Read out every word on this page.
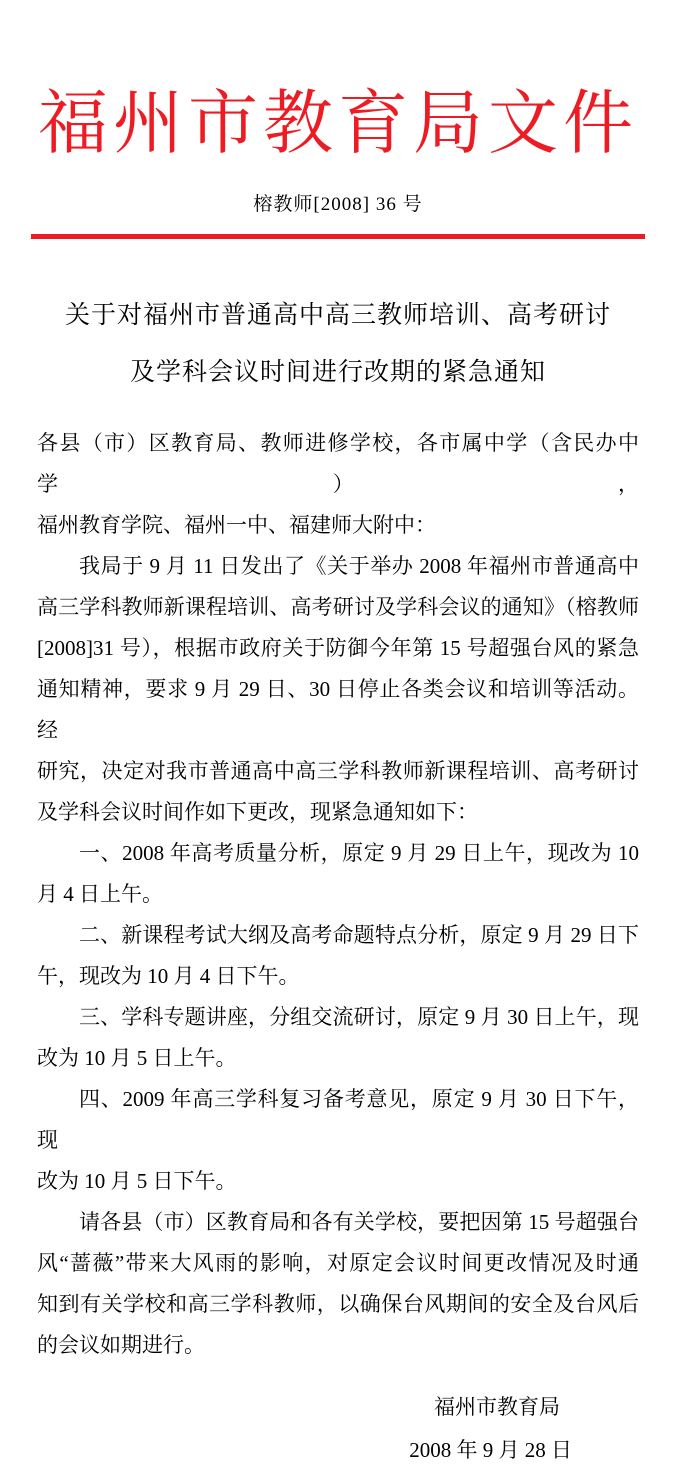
福州市教育局文件
榕教师[2008] 36 号
关于对福州市普通高中高三教师培训、高考研讨
及学科会议时间进行改期的紧急通知
各县（市）区教育局、教师进修学校，各市属中学（含民办中学），
福州教育学院、福州一中、福建师大附中：
我局于 9 月 11 日发出了《关于举办 2008 年福州市普通高中
高三学科教师新课程培训、高考研讨及学科会议的通知》（榕教师
[2008]31 号），根据市政府关于防御今年第 15 号超强台风的紧急
通知精神，要求 9 月 29 日、30 日停止各类会议和培训等活动。经
研究，决定对我市普通高中高三学科教师新课程培训、高考研讨
及学科会议时间作如下更改，现紧急通知如下：
一、2008 年高考质量分析，原定 9 月 29 日上午，现改为 10
月 4 日上午。
二、新课程考试大纲及高考命题特点分析，原定 9 月 29 日下
午，现改为 10 月 4 日下午。
三、学科专题讲座，分组交流研讨，原定 9 月 30 日上午，现
改为 10 月 5 日上午。
四、2009 年高三学科复习备考意见，原定 9 月 30 日下午，现
改为 10 月 5 日下午。
请各县（市）区教育局和各有关学校，要把因第 15 号超强台
风“蔷薇”带来大风雨的影响，对原定会议时间更改情况及时通
知到有关学校和高三学科教师，以确保台风期间的安全及台风后
的会议如期进行。
福州市教育局
2008 年 9 月 28 日
